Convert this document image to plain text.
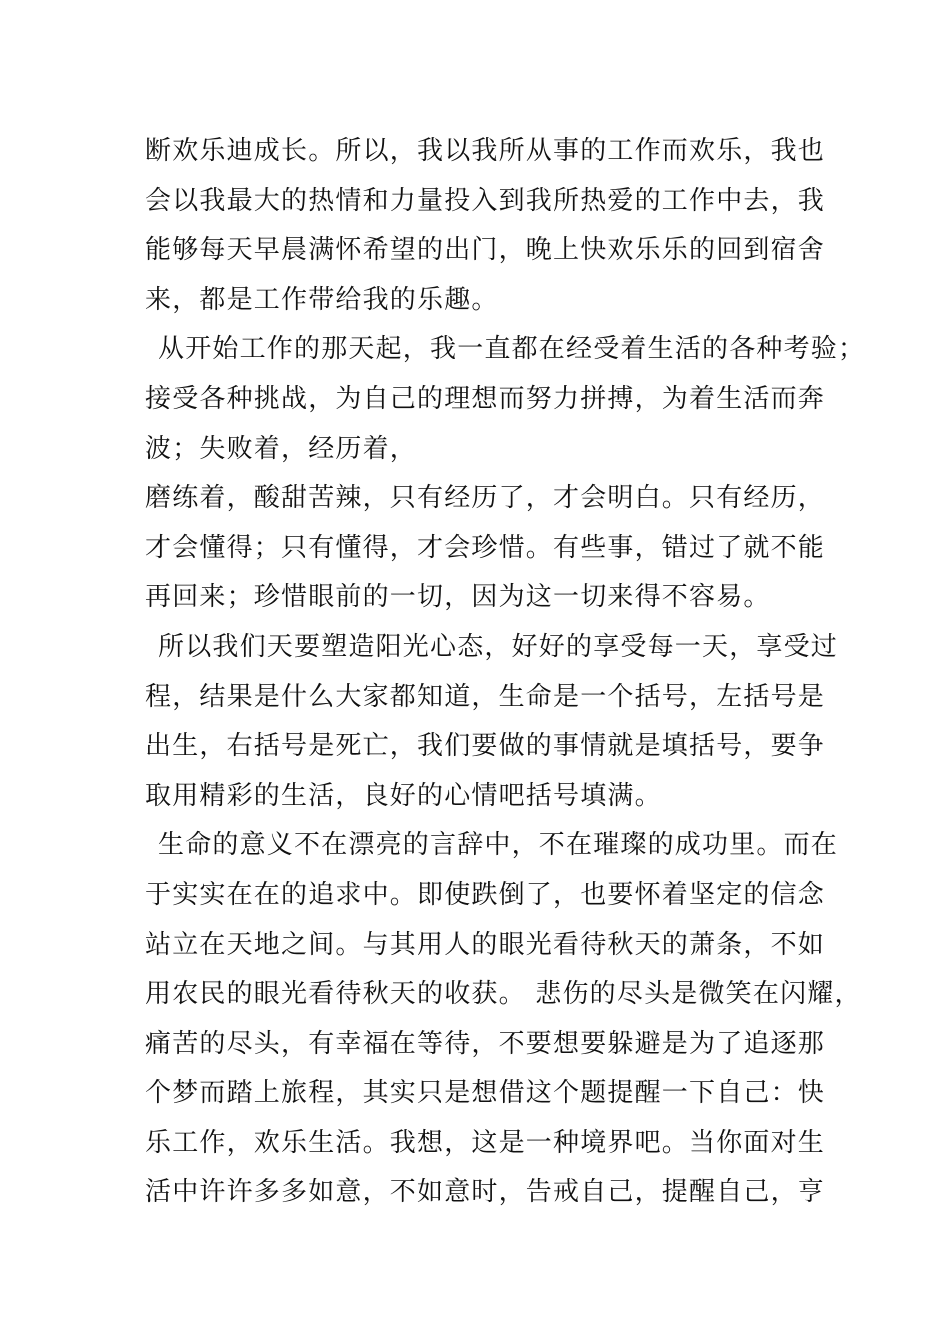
断欢乐迪成长。所以，我以我所从事的工作而欢乐，我也
会以我最大的热情和力量投入到我所热爱的工作中去，我
能够每天早晨满怀希望的出门，晚上快欢乐乐的回到宿舍
来，都是工作带给我的乐趣。
从开始工作的那天起，我一直都在经受着生活的各种考验；
接受各种挑战，为自己的理想而努力拼搏，为着生活而奔
波；失败着，经历着，
磨练着，酸甜苦辣，只有经历了，才会明白。只有经历，
才会懂得；只有懂得，才会珍惜。有些事，错过了就不能
再回来；珍惜眼前的一切，因为这一切来得不容易。
所以我们天要塑造阳光心态，好好的享受每一天，享受过
程，结果是什么大家都知道，生命是一个括号，左括号是
出生，右括号是死亡，我们要做的事情就是填括号，要争
取用精彩的生活，良好的心情吧括号填满。
生命的意义不在漂亮的言辞中，不在璀璨的成功里。而在
于实实在在的追求中。即使跌倒了，也要怀着坚定的信念
站立在天地之间。与其用人的眼光看待秋天的萧条，不如
用农民的眼光看待秋天的收获。 悲伤的尽头是微笑在闪耀，
痛苦的尽头，有幸福在等待，不要想要躲避是为了追逐那
个梦而踏上旅程，其实只是想借这个题提醒一下自己：快
乐工作，欢乐生活。我想，这是一种境界吧。当你面对生
活中许许多多如意，不如意时，告戒自己，提醒自己，亨
